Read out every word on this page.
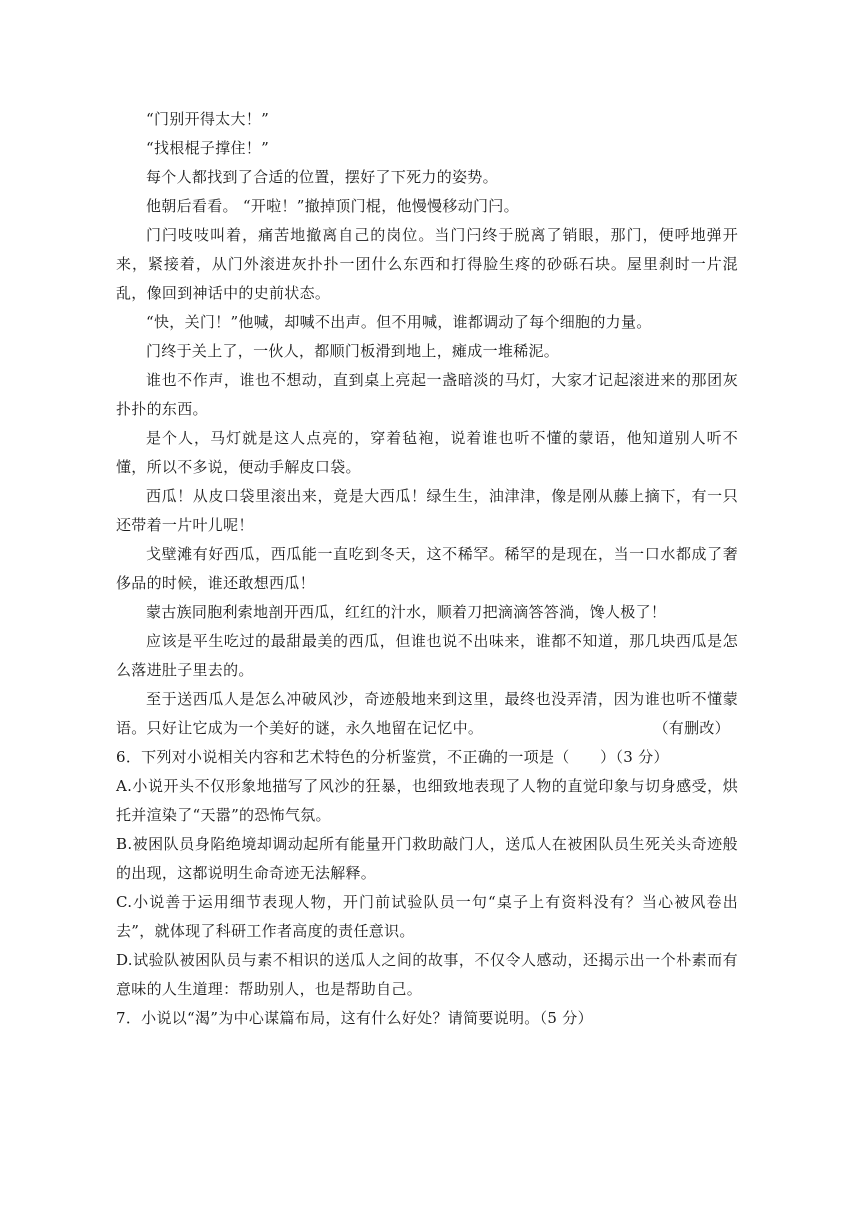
“门别开得太大！”

“找根棍子撑住！”

每个人都找到了合适的位置，摆好了下死力的姿势。

他朝后看看。 “开啦！”撤掉顶门棍，他慢慢移动门闩。

门闩吱吱叫着，痛苦地撤离自己的岗位。当门闩终于脱离了销眼，那门，便呼地弹开来，紧接着，从门外滚进灰扑扑一团什么东西和打得脸生疼的砂砾石块。屋里刹时一片混乱，像回到神话中的史前状态。

“快，关门！”他喊，却喊不出声。但不用喊，谁都调动了每个细胞的力量。

门终于关上了，一伙人，都顺门板滑到地上，瘫成一堆稀泥。

谁也不作声，谁也不想动，直到桌上亮起一盏暗淡的马灯，大家才记起滚进来的那团灰扑扑的东西。

是个人，马灯就是这人点亮的，穿着毡袍，说着谁也听不懂的蒙语，他知道别人听不懂，所以不多说，便动手解皮口袋。

西瓜！从皮口袋里滚出来，竟是大西瓜！绿生生，油津津，像是刚从藤上摘下，有一只还带着一片叶儿呢！

戈壁滩有好西瓜，西瓜能一直吃到冬天，这不稀罕。稀罕的是现在，当一口水都成了奢侈品的时候，谁还敢想西瓜！

蒙古族同胞利索地剖开西瓜，红红的汁水，顺着刀把滴滴答答淌，馋人极了！

应该是平生吃过的最甜最美的西瓜，但谁也说不出味来，谁都不知道，那几块西瓜是怎么落进肚子里去的。

至于送西瓜人是怎么冲破风沙，奇迹般地来到这里，最终也没弄清，因为谁也听不懂蒙语。只好让它成为一个美好的谜，永久地留在记忆中。	（有删改）

6．下列对小说相关内容和艺术特色的分析鉴赏，不正确的一项是（　　）（3 分）

A.小说开头不仅形象地描写了风沙的狂暴，也细致地表现了人物的直觉印象与切身感受，烘托并渲染了“天嚣”的恐怖气氛。

B.被困队员身陷绝境却调动起所有能量开门救助敲门人，送瓜人在被困队员生死关头奇迹般的出现，这都说明生命奇迹无法解释。

C.小说善于运用细节表现人物，开门前试验队员一句“桌子上有资料没有？当心被风卷出去”，就体现了科研工作者高度的责任意识。

D.试验队被困队员与素不相识的送瓜人之间的故事，不仅令人感动，还揭示出一个朴素而有意味的人生道理：帮助别人，也是帮助自己。

7．小说以“渴”为中心谋篇布局，这有什么好处？请简要说明。（5 分）
